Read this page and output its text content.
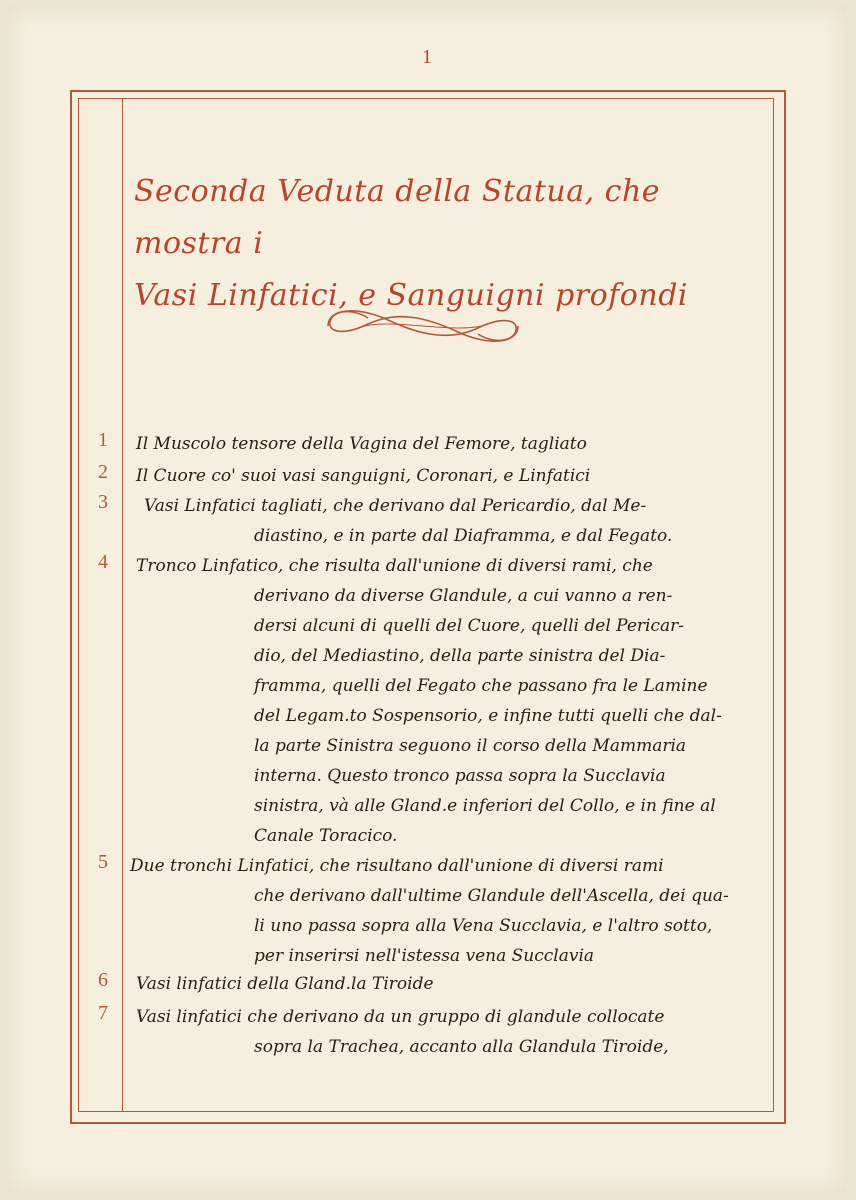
1
Seconda Veduta della Statua, che mostra i
Vasi Linfatici, e Sanguigni profondi
1	Il Muscolo tensore della Vagina del Femore, tagliato
2	Il Cuore co' suoi vasi sanguigni, Coronari, e Linfatici
3	Vasi Linfatici tagliati, che derivano dal Pericardio, dal Me-
diastino, e in parte dal Diaframma, e dal Fegato.
4	Tronco Linfatico, che risulta dall'unione di diversi rami, che
derivano da diverse Glandule, a cui vanno a ren-
dersi alcuni di quelli del Cuore, quelli del Pericar-
dio, del Mediastino, della parte sinistra del Dia-
framma, quelli del Fegato che passano fra le Lamine
del Legam.to Sospensorio, e infine tutti quelli che dal-
la parte Sinistra seguono il corso della Mammaria
interna. Questo tronco passa sopra la Succlavia
sinistra, và alle Gland.e inferiori del Collo, e in fine al
Canale Toracico.
5	Due tronchi Linfatici, che risultano dall'unione di diversi rami
che derivano dall'ultime Glandule dell'Ascella, dei qua-
li uno passa sopra alla Vena Succlavia, e l'altro sotto,
per inserirsi nell'istessa vena Succlavia
6	Vasi linfatici della Gland.la Tiroide
7	Vasi linfatici che derivano da un gruppo di glandule collocate
sopra la Trachea, accanto alla Glandula Tiroide,
